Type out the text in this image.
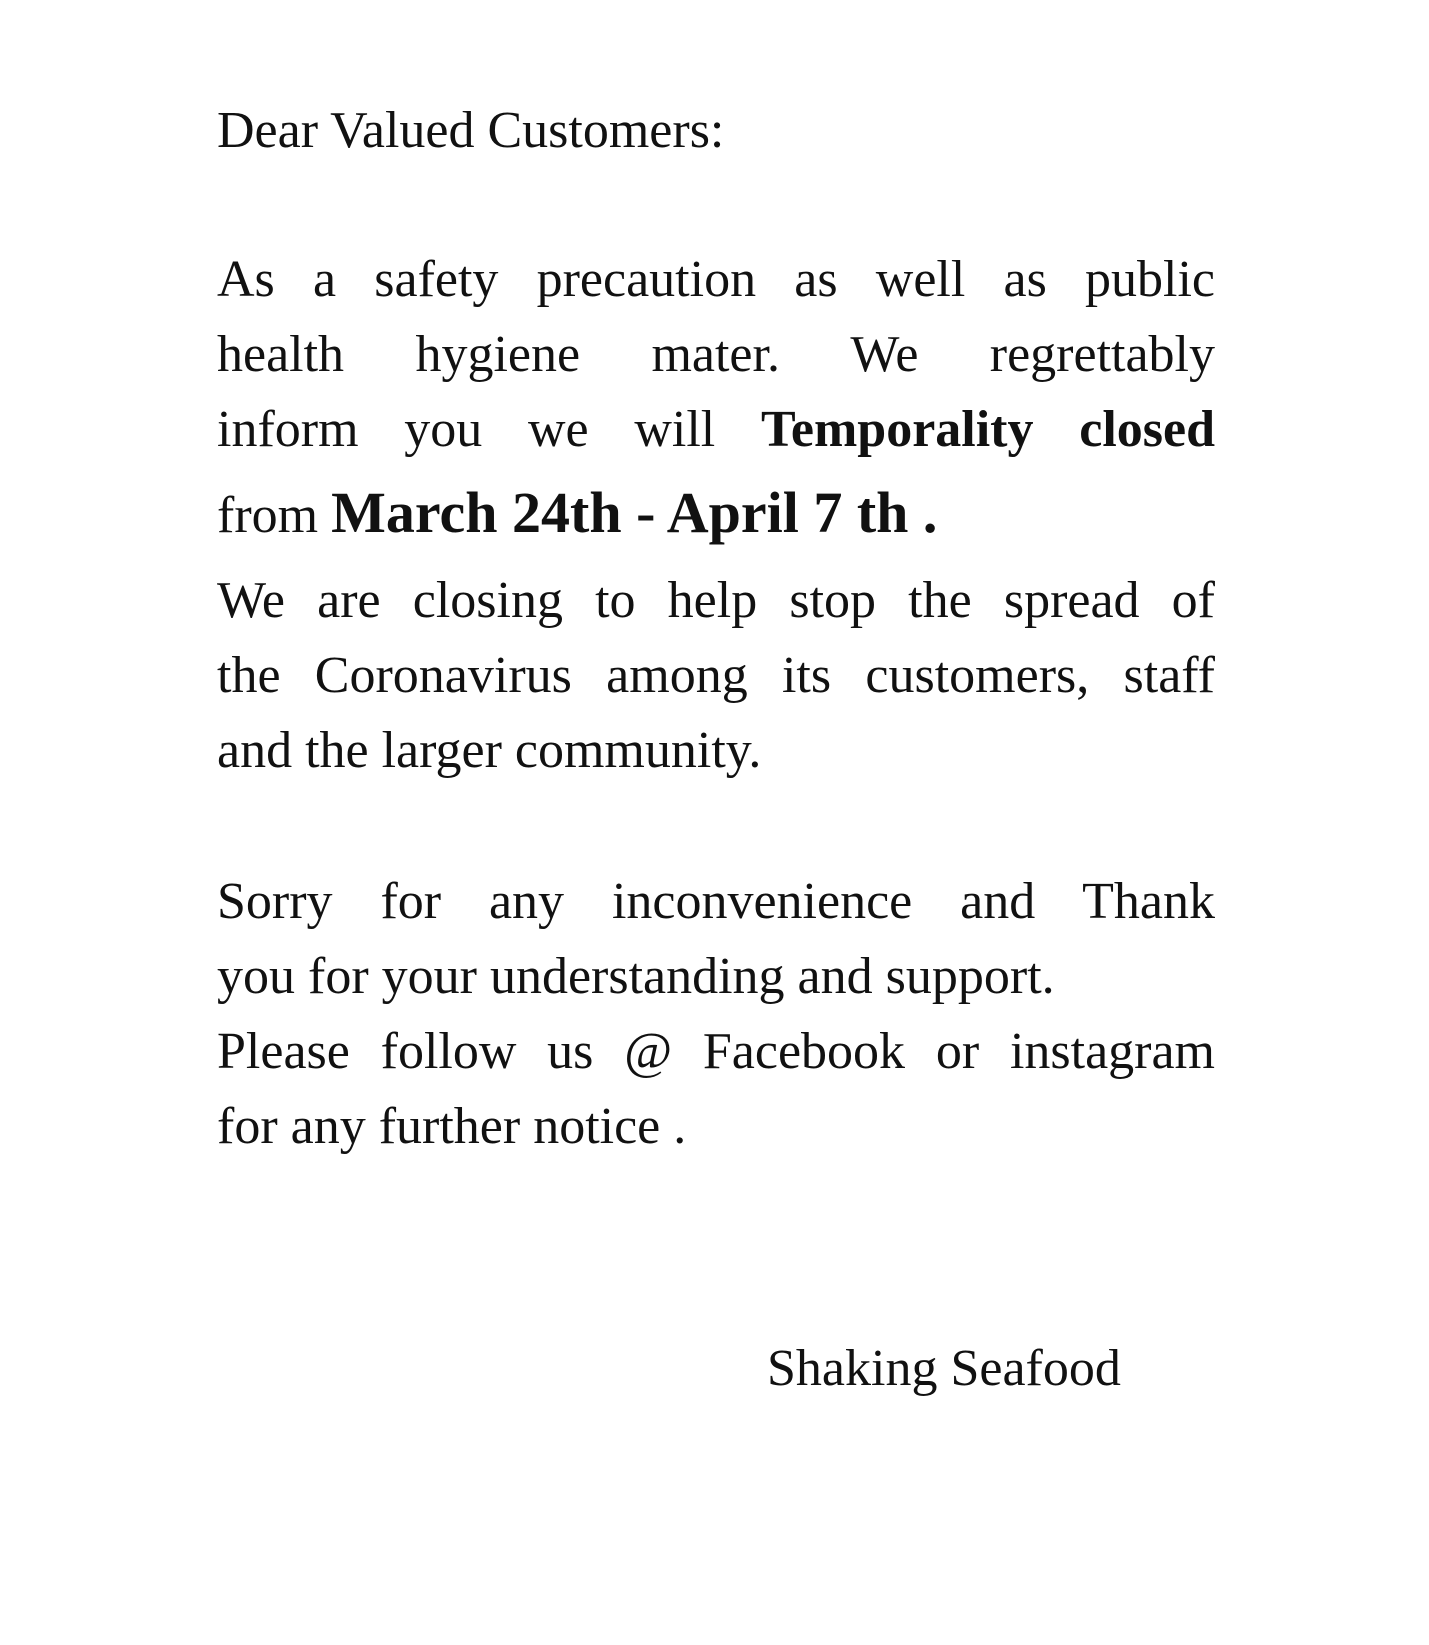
Dear Valued Customers:

As a safety precaution as well as public
health hygiene mater. We regrettably
inform you we will Temporality closed
from March 24th - April 7 th .
We are closing to help stop the spread of
the Coronavirus among its customers, staff
and the larger community.
Sorry for any inconvenience and Thank
you for your understanding and support.
Please follow us @ Facebook or instagram
for any further notice .

Shaking Seafood
